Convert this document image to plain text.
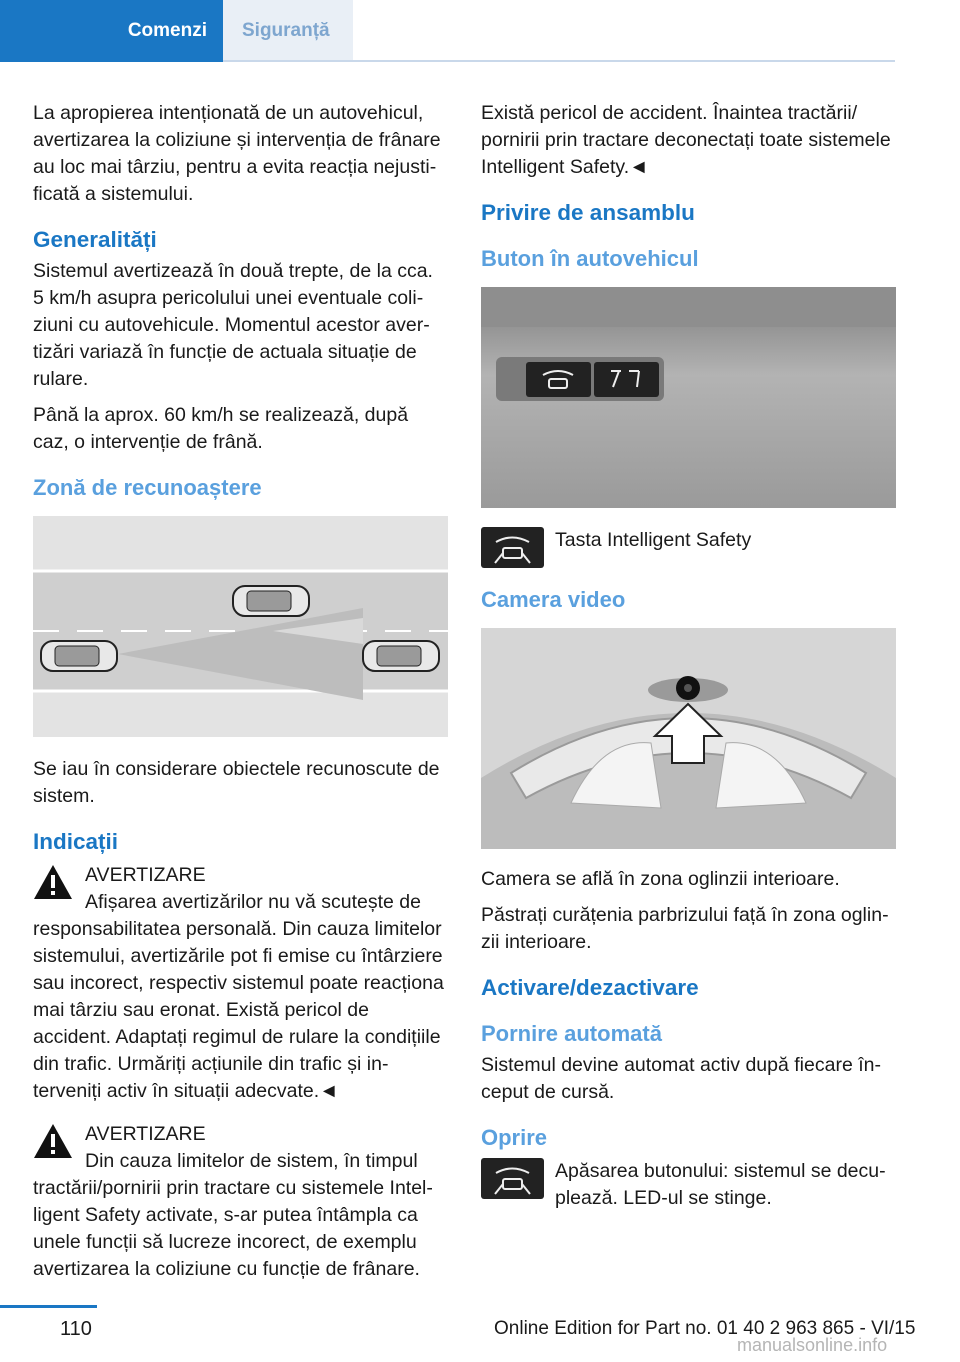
Comenzi	Siguranță

La apropierea intenționată de un autovehicul, avertizarea la coliziune și intervenția de frânare au loc mai târziu, pentru a evita reacția nejustificată a sistemului.

Generalități

Sistemul avertizează în două trepte, de la cca. 5 km/h asupra pericolului unei eventuale coliziuni cu autovehicule. Momentul acestor avertizări variază în funcție de actuala situație de rulare.

Până la aprox. 60 km/h se realizează, după caz, o intervenție de frână.

Zonă de recunoaștere

Se iau în considerare obiectele recunoscute de sistem.

Indicații

AVERTIZARE

Afișarea avertizărilor nu vă scutește de

responsabilitatea personală. Din cauza limitelor sistemului, avertizările pot fi emise cu întârziere sau incorect, respectiv sistemul poate reacționa mai târziu sau eronat. Există pericol de accident. Adaptați regimul de rulare la condițiile din trafic. Urmăriți acțiunile din trafic și interveniți activ în situații adecvate.◄

AVERTIZARE

Din cauza limitelor de sistem, în timpul

tractării/pornirii prin tractare cu sistemele Intelligent Safety activate, s-ar putea întâmpla ca unele funcții să lucreze incorect, de exemplu avertizarea la coliziune cu funcție de frânare.

Există pericol de accident. Înaintea tractării/ pornirii prin tractare deconectați toate sistemele Intelligent Safety.◄

Privire de ansamblu
Buton în autovehicul

Tasta Intelligent Safety

Camera video

Camera se află în zona oglinzii interioare.

Păstrați curățenia parbrizului față în zona oglinzii interioare.

Activare/dezactivare
Pornire automată

Sistemul devine automat activ după fiecare început de cursă.

Oprire

Apăsarea butonului: sistemul se decuplează. LED-ul se stinge.

110	Online Edition for Part no. 01 40 2 963 865 - VI/15
manualsonline.info
